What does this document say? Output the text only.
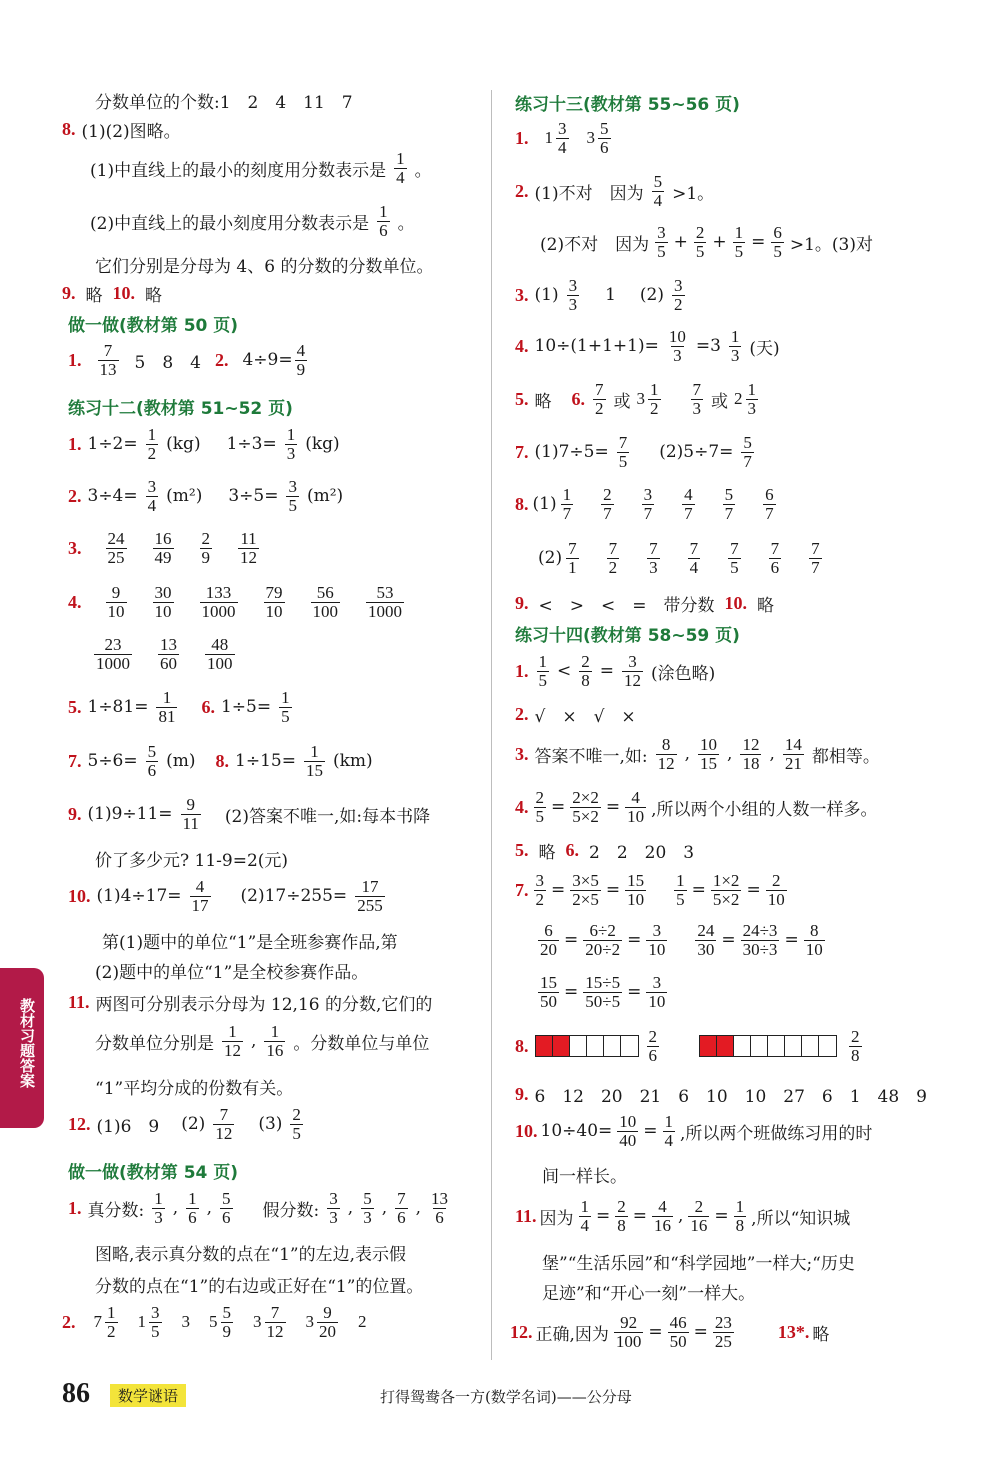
分数单位的个数:1　2　4　11　7
8. (1)(2)图略。
(1)中直线上的最小的刻度用分数表示是 $\frac{1}{4}$ 。
(2)中直线上的最小刻度用分数表示是 $\frac{1}{6}$ 。
它们分别是分母为 4、6 的分数的分数单位。
9. 略 10. 略
做一做(教材第 50 页)
1. $\frac{7}{13} 5$　8　4 2. $4\div 9= \frac{4}{9}$
练习十二(教材第 51~52 页)
1. $1\div 2= \frac{1}{2} (kg)$ $1\div 3= \frac{1}{3} (kg)$
2. $3\div 4= \frac{3}{4} (m^2)$ $3\div 5= \frac{3}{5} (m^2)$
3. $\frac{24}{25} \frac{16}{49} \frac{2}{9} \frac{11}{12}$
4. $\frac{9}{10} \frac{30}{10} \frac{133}{1000} \frac{79}{10} \frac{56}{100} \frac{53}{1000}$
$\frac{23}{1000} \frac{13}{60} \frac{48}{100}$
5. $1\div 81= \frac{1}{81} 6$. $1\div 5= \frac{1}{5}$
7. $5\div 6= \frac{5}{6} (m)$ 8. $1\div 15= \frac{1}{15} (km)$
9. $(1)9\div 11= \frac{9}{11} (2)$答案不唯一,如:每本书降
价了多少元? 11-9=2(元)
10. $(1)4\div 17= \frac{4}{17} (2)17\div 255= \frac{17}{255}$
第(1)题中的单位“1”是全班参赛作品,第
(2)题中的单位“1”是全校参赛作品。
11. 两图可分别表示分母为 12,16 的分数,它们的
分数单位分别是 $\frac{1}{12}$ , $\frac{1}{16}$ 。分数单位与单位
“1”平均分成的份数有关。
12. (1)6　9 $(2) \frac{7}{12} (3) \frac{2}{5}$
做一做(教材第 54 页)
1. 真分数: $\frac{1}{3}$ , $\frac{1}{6}$ , $\frac{5}{6}$ 假分数: $\frac{3}{3}$ , $\frac{5}{3}$ , $\frac{7}{6}$ , $\frac{13}{6}$
图略,表示真分数的点在“1”的左边,表示假
分数的点在“1”的右边或正好在“1”的位置。
2. $7 \frac{1}{2} 1 \frac{3}{5} 3$ $5 \frac{5}{9} 3 \frac{7}{12} 3 \frac{9}{20} 2$
练习十三(教材第 55~56 页)
1. $1 \frac{3}{4} 3 \frac{5}{6}$
2. (1)不对　因为 $\frac{5}{4} >1$。
(2)不对　因为 $\frac{3}{5} + \frac{2}{5} + \frac{1}{5} = \frac{6}{5} >1$。(3)对
3. $(1) \frac{3}{3} 1$ $(2) \frac{3}{2}$
4. $10\div(1+1+1)= \frac{10}{3} =3 \frac{1}{3}$ (天)
5. 略 6. $\frac{7}{2}$ 或 $3 \frac{1}{2} \frac{7}{3}$ 或 $2 \frac{1}{3}$
7. $(1)7\div 5= \frac{7}{5} (2)5\div 7= \frac{5}{7}$
8. $(1) \frac{1}{7} \frac{2}{7} \frac{3}{7} \frac{4}{7} \frac{5}{7} \frac{6}{7}$
$(2) \frac{7}{1} \frac{7}{2} \frac{7}{3} \frac{7}{4} \frac{7}{5} \frac{7}{6} \frac{7}{7}$
9. <　>　<　=　带分数 10. 略
练习十四(教材第 58~59 页)
1. $\frac{1}{5} < \frac{2}{8} = \frac{3}{12}$ (涂色略)
2. √　×　√　×
3. 答案不唯一,如: $\frac{8}{12}$ , $\frac{10}{15}$ , $\frac{12}{18}$ , $\frac{14}{21}$ 都相等。
4. $\frac{2}{5} = \frac{2\times 2}{5\times 2} = \frac{4}{10}$ ,所以两个小组的人数一样多。
5. 略 6. 2　2　20　3
7. $\frac{3}{2} = \frac{3\times 5}{2\times 5} = \frac{15}{10} \frac{1}{5} = \frac{1\times 2}{5\times 2} = \frac{2}{10}$
$\frac{6}{20} = \frac{6\div 2}{20\div 2} = \frac{3}{10} \frac{24}{30} = \frac{24\div 3}{30\div 3} = \frac{8}{10}$
$\frac{15}{50} = \frac{15\div 5}{50\div 5} = \frac{3}{10}$
8.	$\frac{2}{6}$	$\frac{2}{8}$
9. 6　12　20　21　6　10　10　27　6　1　48　9
10. $10\div 40= \frac{10}{40} = \frac{1}{4}$ ,所以两个班做练习用的时
间一样长。
11. 因为 $\frac{1}{4} = \frac{2}{8} = \frac{4}{16}$ , $\frac{2}{16} = \frac{1}{8}$ ,所以“知识城
堡”“生活乐园”和“科学园地”一样大;“历史
足迹”和“开心一刻”一样大。
12. 正确,因为 $\frac{92}{100} = \frac{46}{50} = \frac{23}{25} 13*$. 略
教材习题答案
86	数学谜语	打得鸳鸯各一方(数学名词)——公分母
